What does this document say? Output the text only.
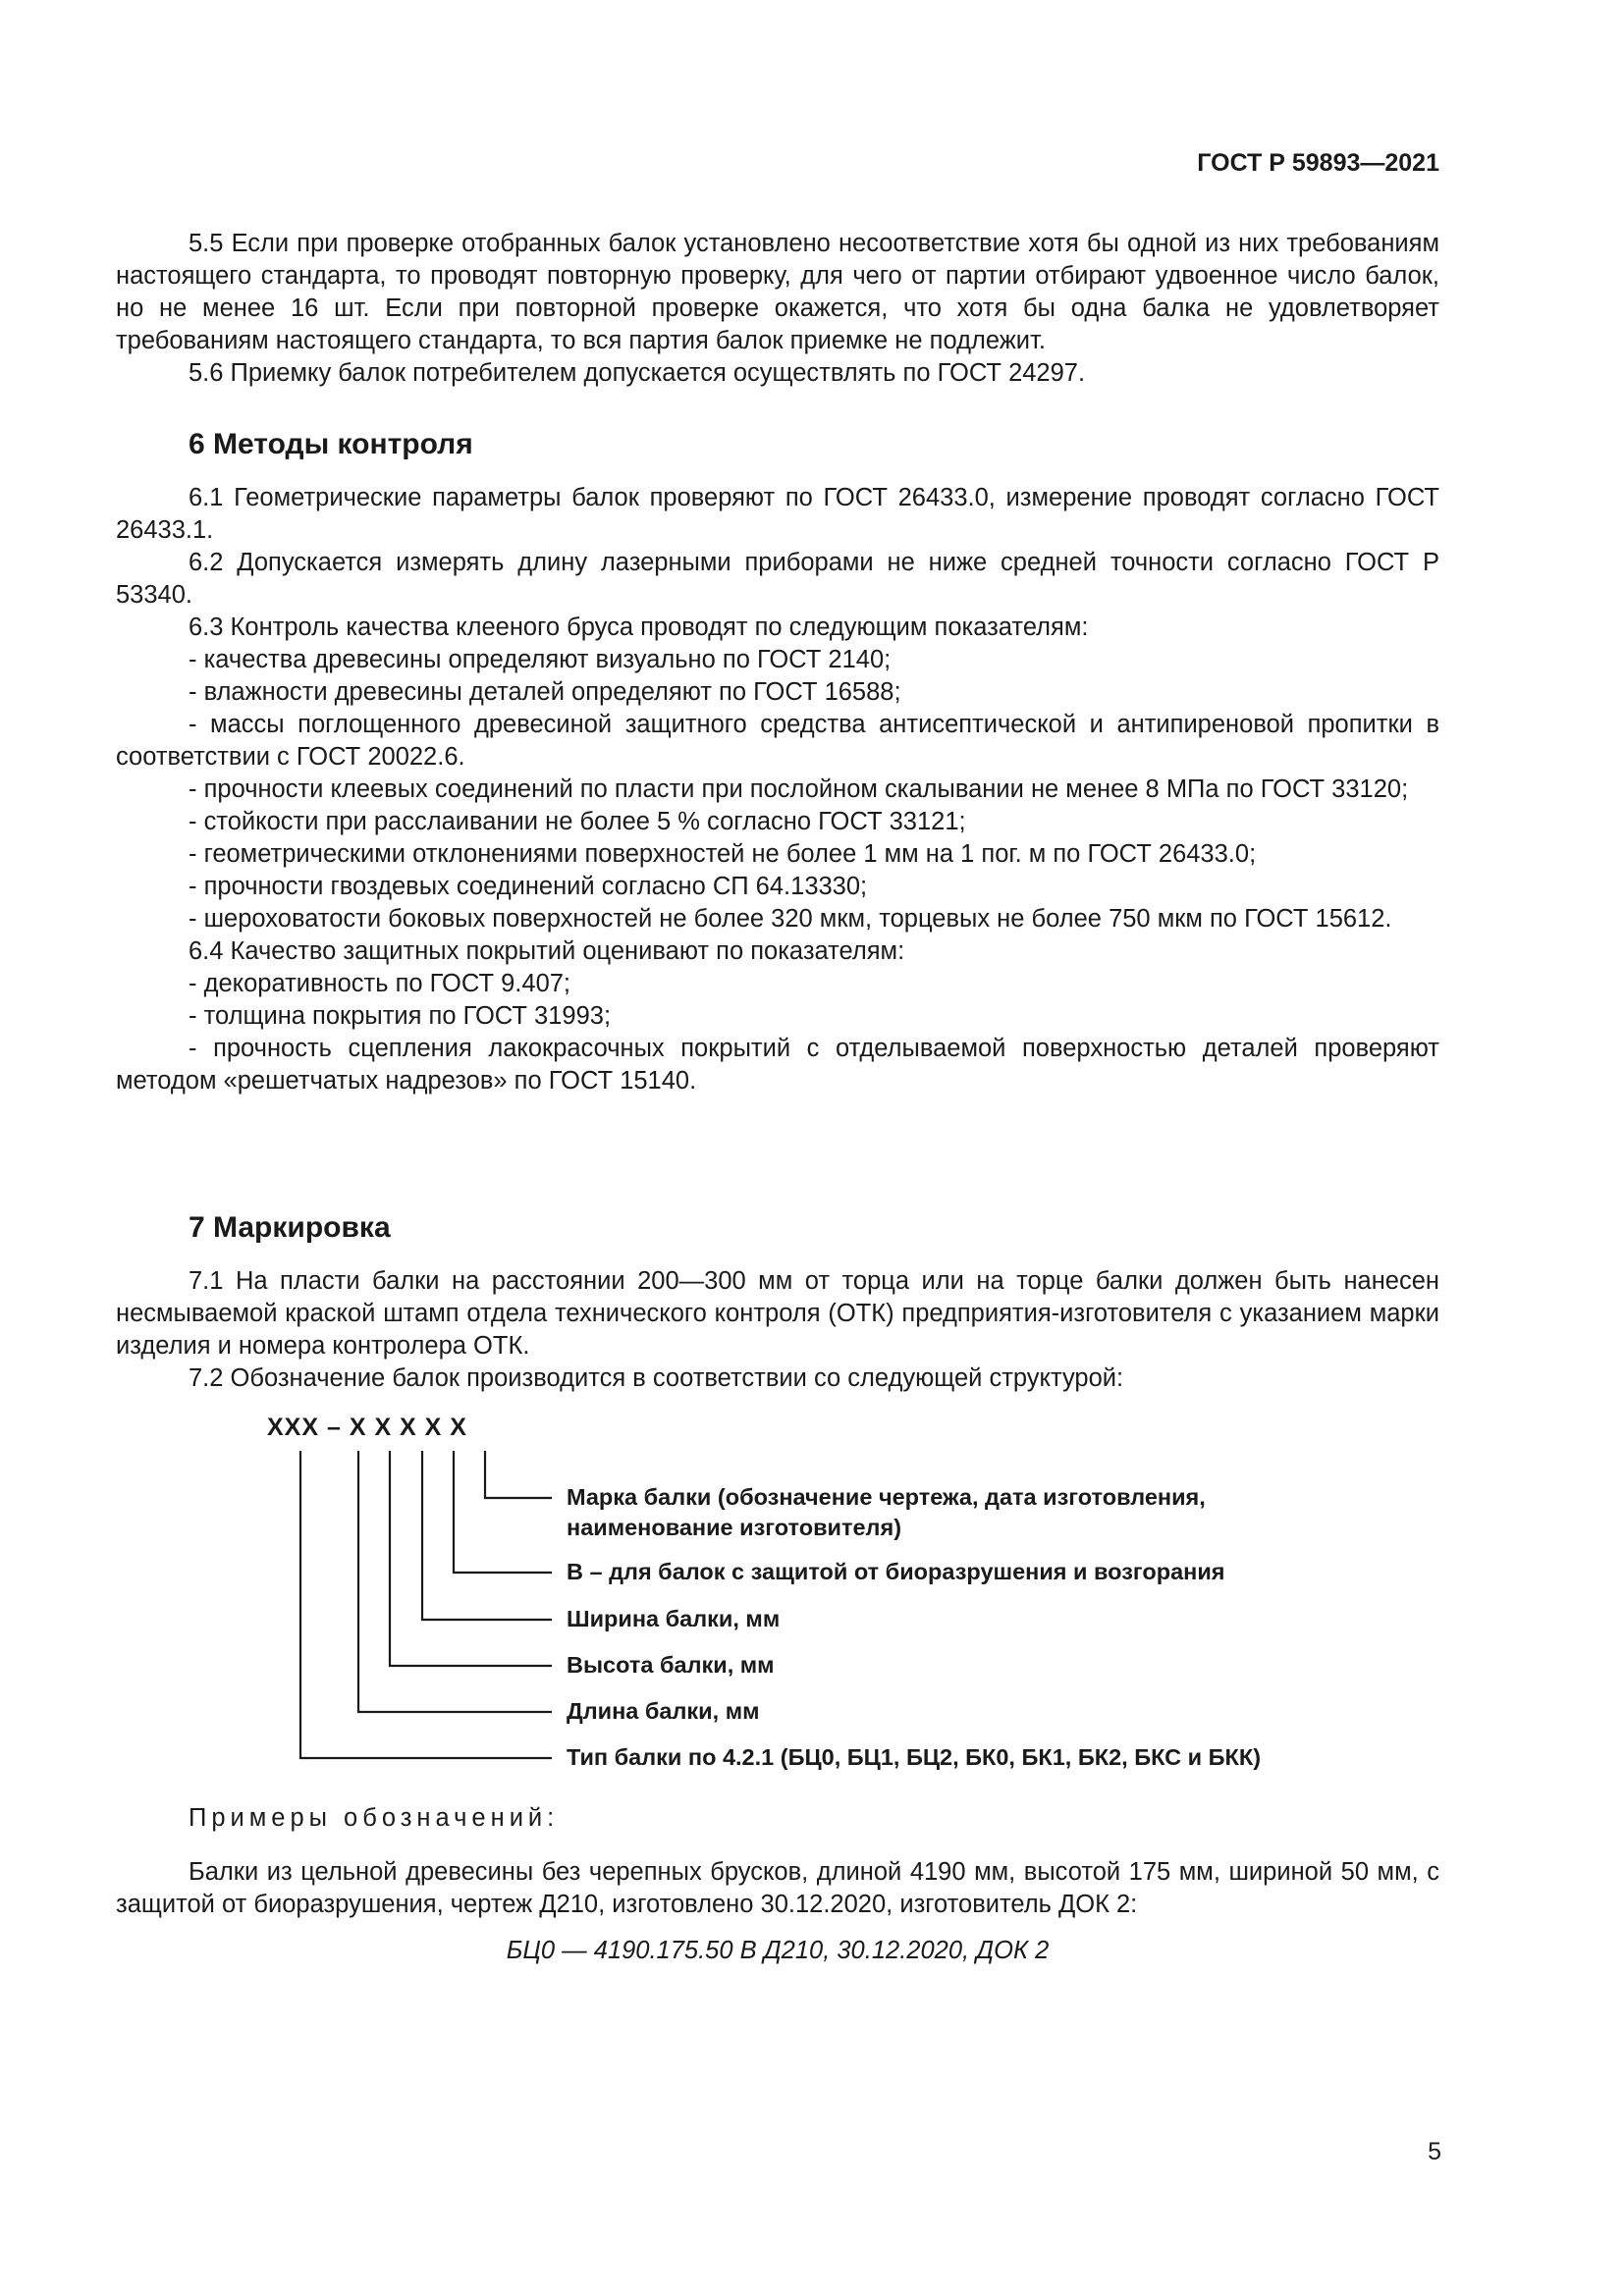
ГОСТ Р 59893—2021

5.5 Если при проверке отобранных балок установлено несоответствие хотя бы одной из них требованиям настоящего стандарта, то проводят повторную проверку, для чего от партии отбирают удвоенное число балок, но не менее 16 шт. Если при повторной проверке окажется, что хотя бы одна балка не удовлетворяет требованиям настоящего стандарта, то вся партия балок приемке не подлежит.

5.6 Приемку балок потребителем допускается осуществлять по ГОСТ 24297.

6 Методы контроля

6.1 Геометрические параметры балок проверяют по ГОСТ 26433.0, измерение проводят согласно ГОСТ 26433.1.

6.2 Допускается измерять длину лазерными приборами не ниже средней точности согласно ГОСТ Р 53340.

6.3 Контроль качества клееного бруса проводят по следующим показателям:

- качества древесины определяют визуально по ГОСТ 2140;

- влажности древесины деталей определяют по ГОСТ 16588;

- массы поглощенного древесиной защитного средства антисептической и антипиреновой пропитки в соответствии с ГОСТ 20022.6.

- прочности клеевых соединений по пласти при послойном скалывании не менее 8 МПа по ГОСТ 33120;

- стойкости при расслаивании не более 5 % согласно ГОСТ 33121;

- геометрическими отклонениями поверхностей не более 1 мм на 1 пог. м по ГОСТ 26433.0;

- прочности гвоздевых соединений согласно СП 64.13330;

- шероховатости боковых поверхностей не более 320 мкм, торцевых не более 750 мкм по ГОСТ 15612.

6.4 Качество защитных покрытий оценивают по показателям:

- декоративность по ГОСТ 9.407;

- толщина покрытия по ГОСТ 31993;

- прочность сцепления лакокрасочных покрытий с отделываемой поверхностью деталей проверяют методом «решетчатых надрезов» по ГОСТ 15140.

7 Маркировка

7.1 На пласти балки на расстоянии 200—300 мм от торца или на торце балки должен быть нанесен несмываемой краской штамп отдела технического контроля (ОТК) предприятия-изготовителя с указанием марки изделия и номера контролера ОТК.

7.2 Обозначение балок производится в соответствии со следующей структурой:

XXX – X X X X X
Марка балки (обозначение чертежа, дата изготовления,
наименование изготовителя)
В – для балок с защитой от биоразрушения и возгорания
Ширина балки, мм
Высота балки, мм
Длина балки, мм
Тип балки по 4.2.1 (БЦ0, БЦ1, БЦ2, БК0, БК1, БК2, БКС и БКК)

Примеры обозначений:

Балки из цельной древесины без черепных брусков, длиной 4190 мм, высотой 175 мм, шириной 50 мм, с защитой от биоразрушения, чертеж Д210, изготовлено 30.12.2020, изготовитель ДОК 2:

БЦ0 — 4190.175.50 В Д210, 30.12.2020, ДОК 2

5
